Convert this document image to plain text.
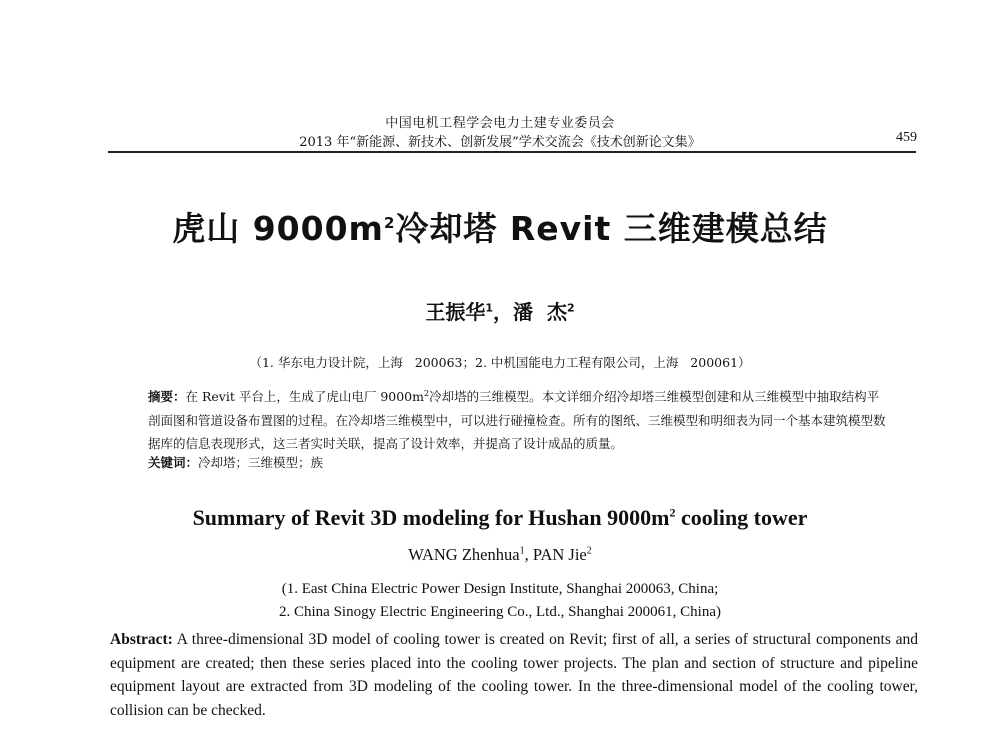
中国电机工程学会电力土建专业委员会
2013 年“新能源、新技术、创新发展”学术交流会《技术创新论文集》	459
虎山 $9000m^2$冷却塔 Revit 三维建模总结
王振华$^1$，潘  杰$^2$
（1. 华东电力设计院，上海   200063；2. 中机国能电力工程有限公司，上海   200061）

摘要：在 Revit 平台上，生成了虎山电厂 $9000m^2$冷却塔的三维模型。本文详细介绍冷却塔三维模型创建和从三维模型中抽取结构平剖面图和管道设备布置图的过程。在冷却塔三维模型中，可以进行碰撞检查。所有的图纸、三维模型和明细表为同一个基本建筑模型数据库的信息表现形式，这三者实时关联，提高了设计效率，并提高了设计成品的质量。

关键词：冷却塔；三维模型；族

Summary of Revit 3D modeling for Hushan $9000m^2$ cooling tower
WANG Zhenhua$^1$, PAN Jie$^2$
(1. East China Electric Power Design Institute, Shanghai 200063, China;
2. China Sinogy Electric Engineering Co., Ltd., Shanghai 200061, China)

Abstract: A three-dimensional 3D model of cooling tower is created on Revit; first of all, a series of structural components and equipment are created; then these series placed into the cooling tower projects. The plan and section of structure and pipeline equipment layout are extracted from 3D modeling of the cooling tower. In the three-dimensional model of the cooling tower, collision can be checked.
